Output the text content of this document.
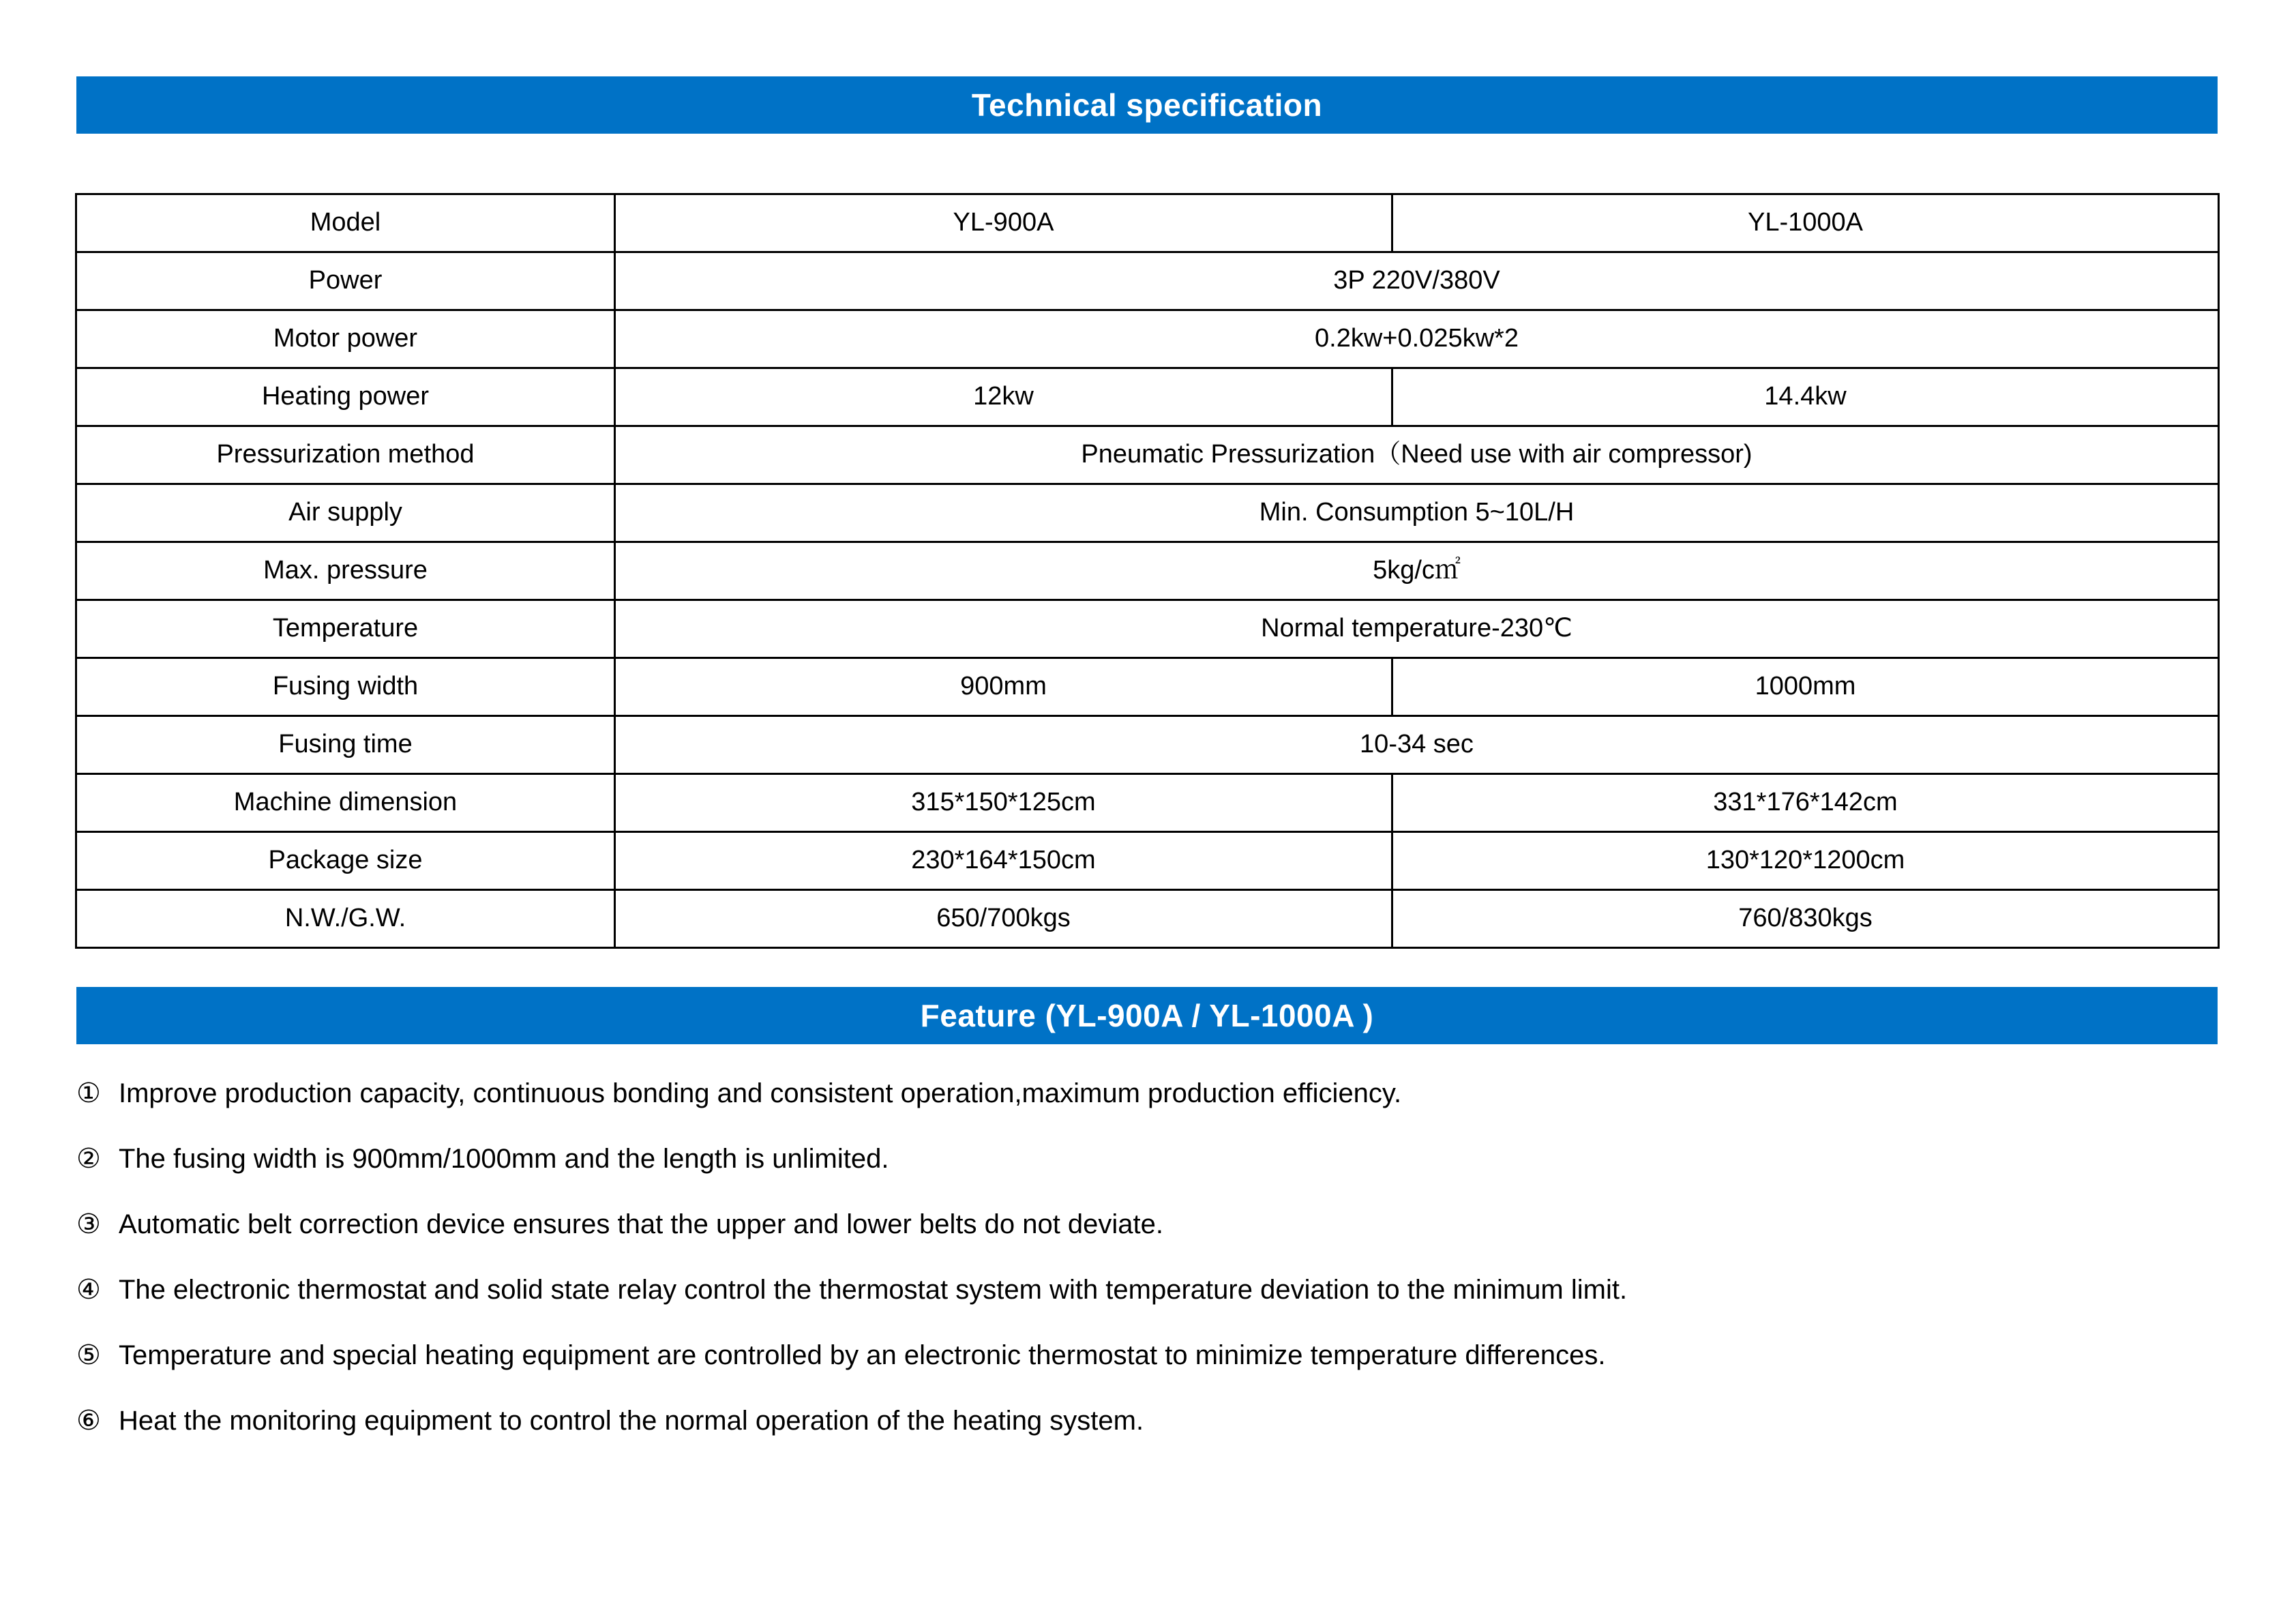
Technical specification
Model	YL-900A	YL-1000A
Power	3P 220V/380V	
Motor power	0.2kw+0.025kw*2	
Heating power	12kw	14.4kw
Pressurization method	Pneumatic Pressurization（Need use with air compressor)	
Air supply	Min. Consumption 5~10L/H	
Max. pressure	5kg/c㎡	
Temperature	Normal temperature-230℃	
Fusing width	900mm	1000mm
Fusing time	10-34 sec	
Machine dimension	315*150*125cm	331*176*142cm
Package size	230*164*150cm	130*120*1200cm
N.W./G.W.	650/700kgs	760/830kgs
Feature (YL-900A / YL-1000A )
① Improve production capacity, continuous bonding and consistent operation,maximum production efficiency.
② The fusing width is 900mm/1000mm and the length is unlimited.
③ Automatic belt correction device ensures that the upper and lower belts do not deviate.
④ The electronic thermostat and solid state relay control the thermostat system with temperature deviation to the minimum limit.
⑤ Temperature and special heating equipment are controlled by an electronic thermostat to minimize temperature differences.
⑥ Heat the monitoring equipment to control the normal operation of the heating system.
